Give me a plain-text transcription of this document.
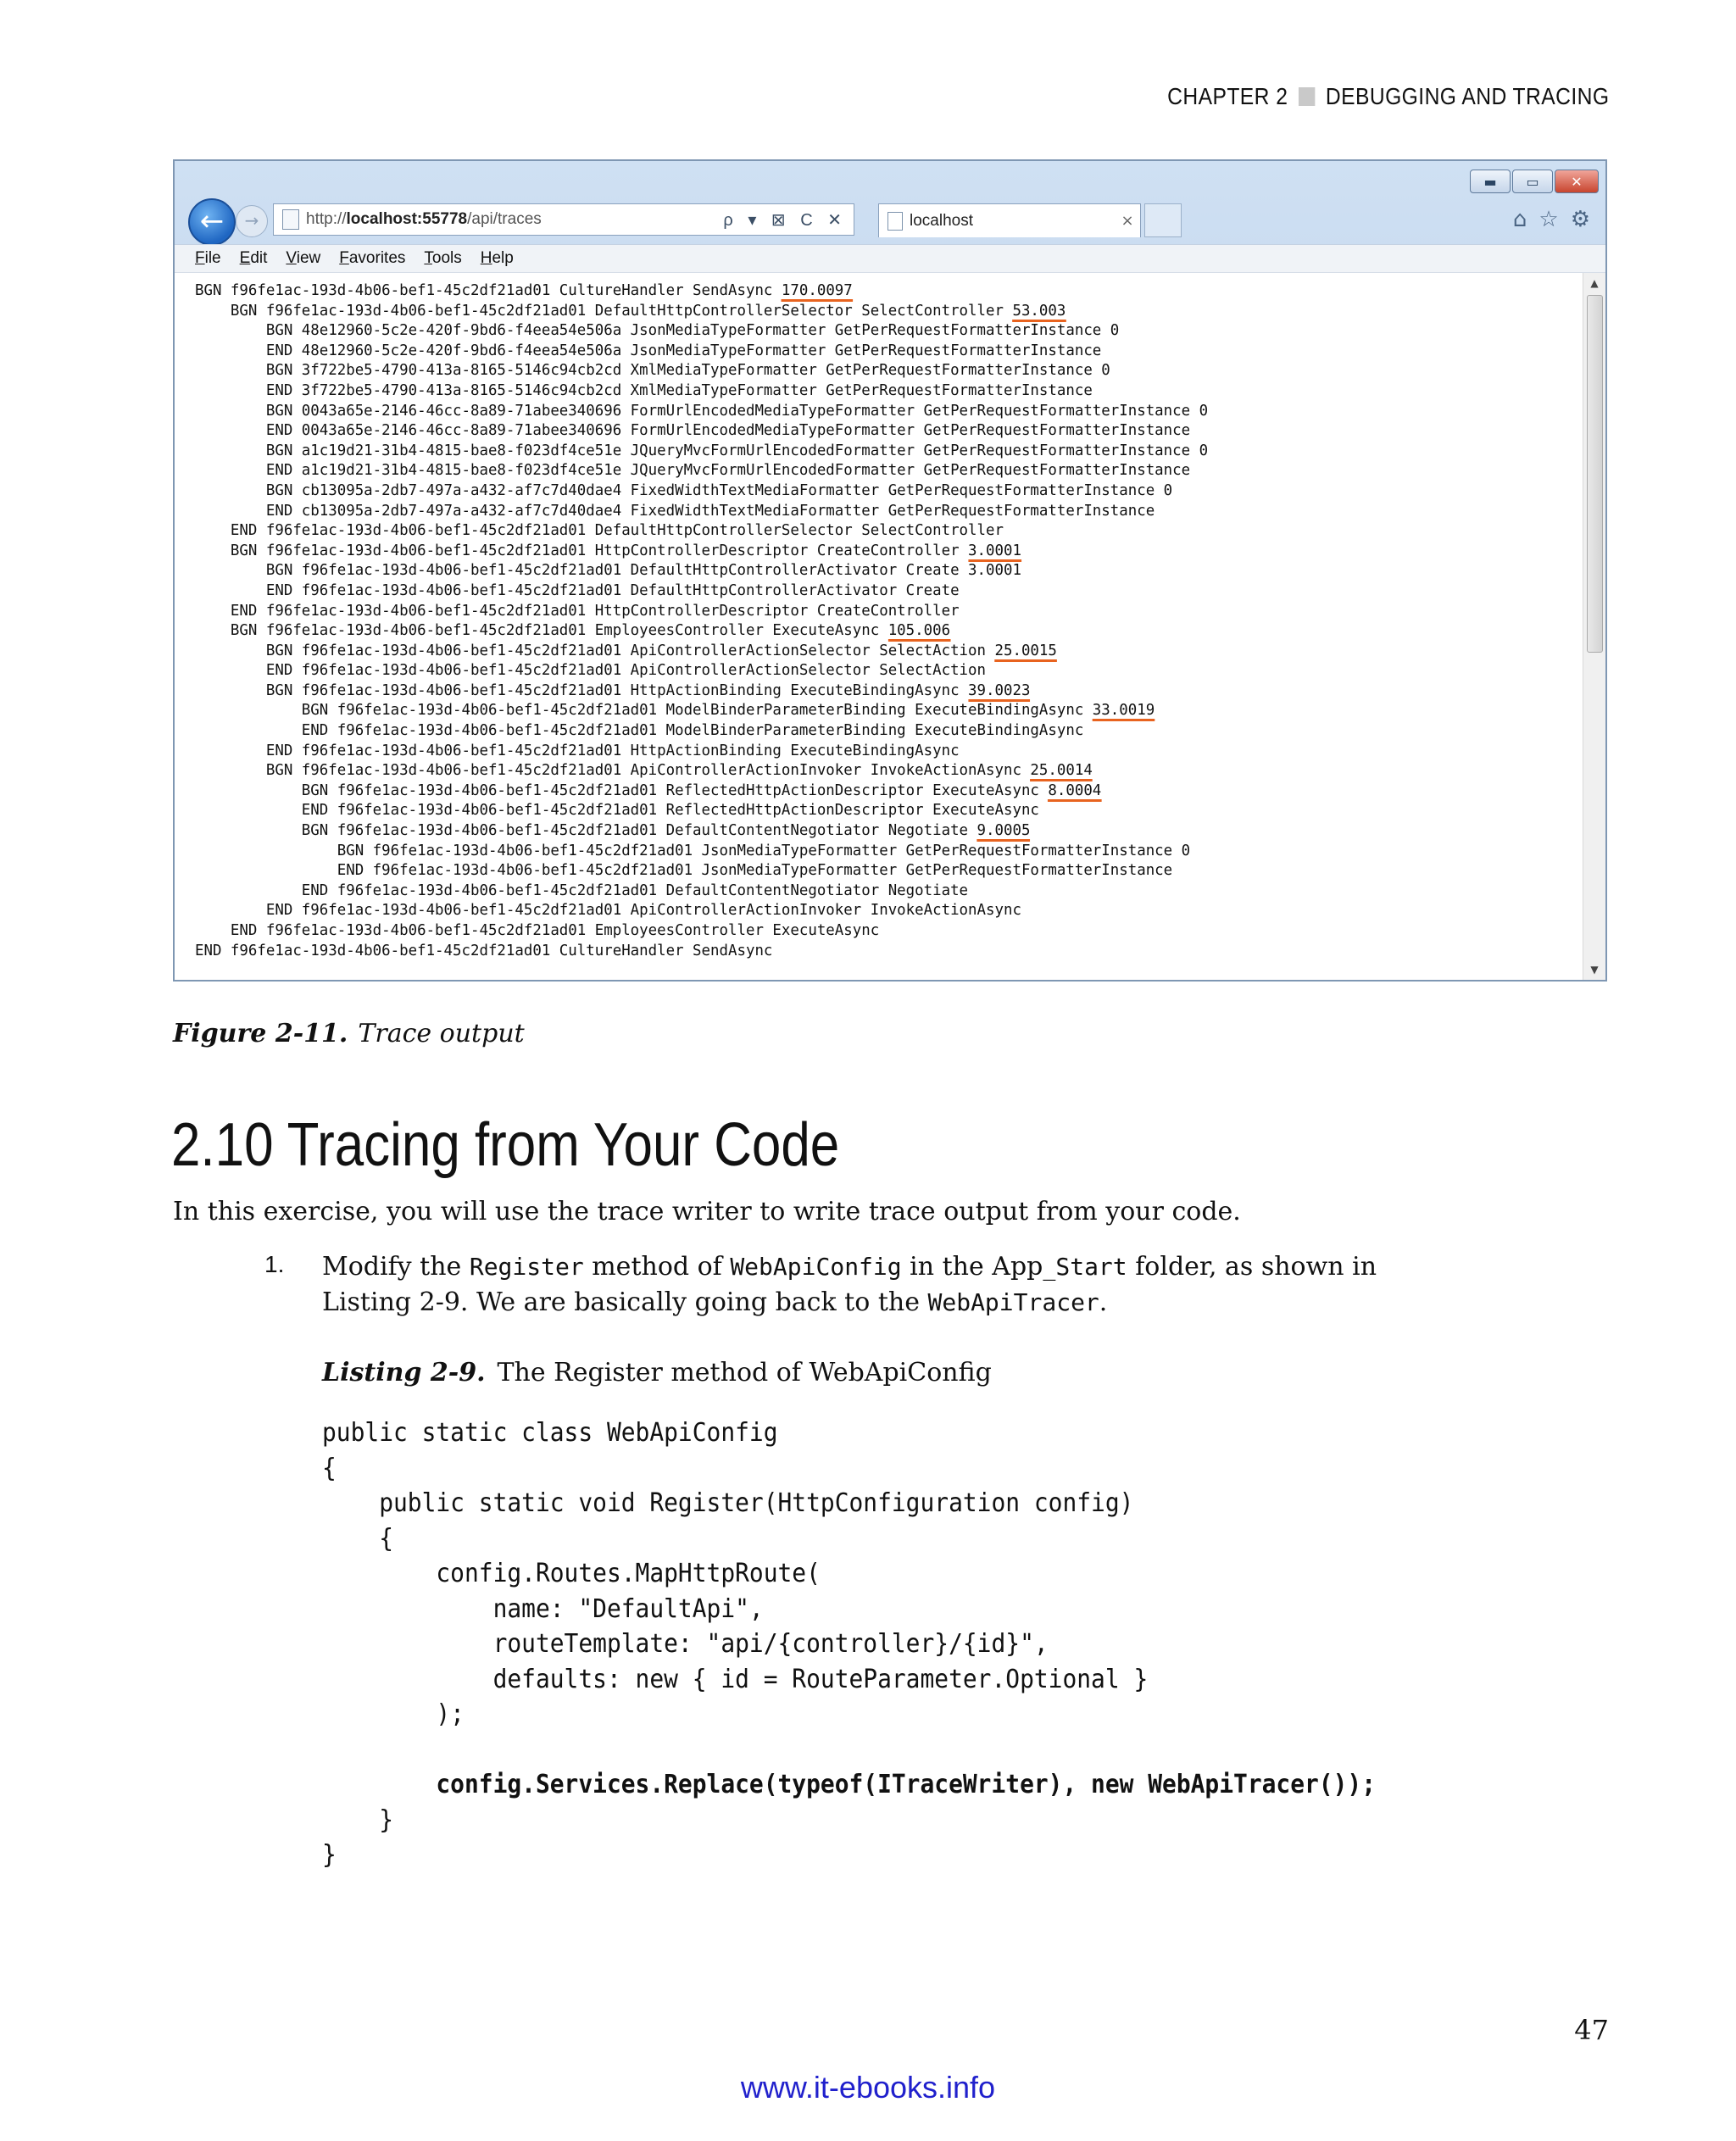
CHAPTER 2 DEBUGGING AND TRACING
▬	▭	✕
←	→	http://localhost:55778/api/traces	ρ ▾ ⊠ C ✕	localhost	×	⌂ ☆ ⚙
File Edit View Favorites Tools Help
BGN f96fe1ac-193d-4b06-bef1-45c2df21ad01 CultureHandler SendAsync 170.0097
BGN f96fe1ac-193d-4b06-bef1-45c2df21ad01 DefaultHttpControllerSelector SelectController 53.003
BGN 48e12960-5c2e-420f-9bd6-f4eea54e506a JsonMediaTypeFormatter GetPerRequestFormatterInstance 0
END 48e12960-5c2e-420f-9bd6-f4eea54e506a JsonMediaTypeFormatter GetPerRequestFormatterInstance
BGN 3f722be5-4790-413a-8165-5146c94cb2cd XmlMediaTypeFormatter GetPerRequestFormatterInstance 0
END 3f722be5-4790-413a-8165-5146c94cb2cd XmlMediaTypeFormatter GetPerRequestFormatterInstance
BGN 0043a65e-2146-46cc-8a89-71abee340696 FormUrlEncodedMediaTypeFormatter GetPerRequestFormatterInstance 0
END 0043a65e-2146-46cc-8a89-71abee340696 FormUrlEncodedMediaTypeFormatter GetPerRequestFormatterInstance
BGN a1c19d21-31b4-4815-bae8-f023df4ce51e JQueryMvcFormUrlEncodedFormatter GetPerRequestFormatterInstance 0
END a1c19d21-31b4-4815-bae8-f023df4ce51e JQueryMvcFormUrlEncodedFormatter GetPerRequestFormatterInstance
BGN cb13095a-2db7-497a-a432-af7c7d40dae4 FixedWidthTextMediaFormatter GetPerRequestFormatterInstance 0
END cb13095a-2db7-497a-a432-af7c7d40dae4 FixedWidthTextMediaFormatter GetPerRequestFormatterInstance
END f96fe1ac-193d-4b06-bef1-45c2df21ad01 DefaultHttpControllerSelector SelectController
BGN f96fe1ac-193d-4b06-bef1-45c2df21ad01 HttpControllerDescriptor CreateController 3.0001
BGN f96fe1ac-193d-4b06-bef1-45c2df21ad01 DefaultHttpControllerActivator Create 3.0001
END f96fe1ac-193d-4b06-bef1-45c2df21ad01 DefaultHttpControllerActivator Create
END f96fe1ac-193d-4b06-bef1-45c2df21ad01 HttpControllerDescriptor CreateController
BGN f96fe1ac-193d-4b06-bef1-45c2df21ad01 EmployeesController ExecuteAsync 105.006
BGN f96fe1ac-193d-4b06-bef1-45c2df21ad01 ApiControllerActionSelector SelectAction 25.0015
END f96fe1ac-193d-4b06-bef1-45c2df21ad01 ApiControllerActionSelector SelectAction
BGN f96fe1ac-193d-4b06-bef1-45c2df21ad01 HttpActionBinding ExecuteBindingAsync 39.0023
BGN f96fe1ac-193d-4b06-bef1-45c2df21ad01 ModelBinderParameterBinding ExecuteBindingAsync 33.0019
END f96fe1ac-193d-4b06-bef1-45c2df21ad01 ModelBinderParameterBinding ExecuteBindingAsync
END f96fe1ac-193d-4b06-bef1-45c2df21ad01 HttpActionBinding ExecuteBindingAsync
BGN f96fe1ac-193d-4b06-bef1-45c2df21ad01 ApiControllerActionInvoker InvokeActionAsync 25.0014
BGN f96fe1ac-193d-4b06-bef1-45c2df21ad01 ReflectedHttpActionDescriptor ExecuteAsync 8.0004
END f96fe1ac-193d-4b06-bef1-45c2df21ad01 ReflectedHttpActionDescriptor ExecuteAsync
BGN f96fe1ac-193d-4b06-bef1-45c2df21ad01 DefaultContentNegotiator Negotiate 9.0005
BGN f96fe1ac-193d-4b06-bef1-45c2df21ad01 JsonMediaTypeFormatter GetPerRequestFormatterInstance 0
END f96fe1ac-193d-4b06-bef1-45c2df21ad01 JsonMediaTypeFormatter GetPerRequestFormatterInstance
END f96fe1ac-193d-4b06-bef1-45c2df21ad01 DefaultContentNegotiator Negotiate
END f96fe1ac-193d-4b06-bef1-45c2df21ad01 ApiControllerActionInvoker InvokeActionAsync
END f96fe1ac-193d-4b06-bef1-45c2df21ad01 EmployeesController ExecuteAsync
END f96fe1ac-193d-4b06-bef1-45c2df21ad01 CultureHandler SendAsync
▲
▼
Figure 2-11. Trace output
2.10 Tracing from Your Code
In this exercise, you will use the trace writer to write trace output from your code.
1. Modify the Register method of WebApiConfig in the App_Start folder, as shown in Listing 2-9. We are basically going back to the WebApiTracer.
Listing 2-9. The Register method of WebApiConfig
public static class WebApiConfig
{
public static void Register(HttpConfiguration config)
{
config.Routes.MapHttpRoute(
name: "DefaultApi",
routeTemplate: "api/{controller}/{id}",
defaults: new { id = RouteParameter.Optional }
);

config.Services.Replace(typeof(ITraceWriter), new WebApiTracer());
}
}
47
www.it-ebooks.info
